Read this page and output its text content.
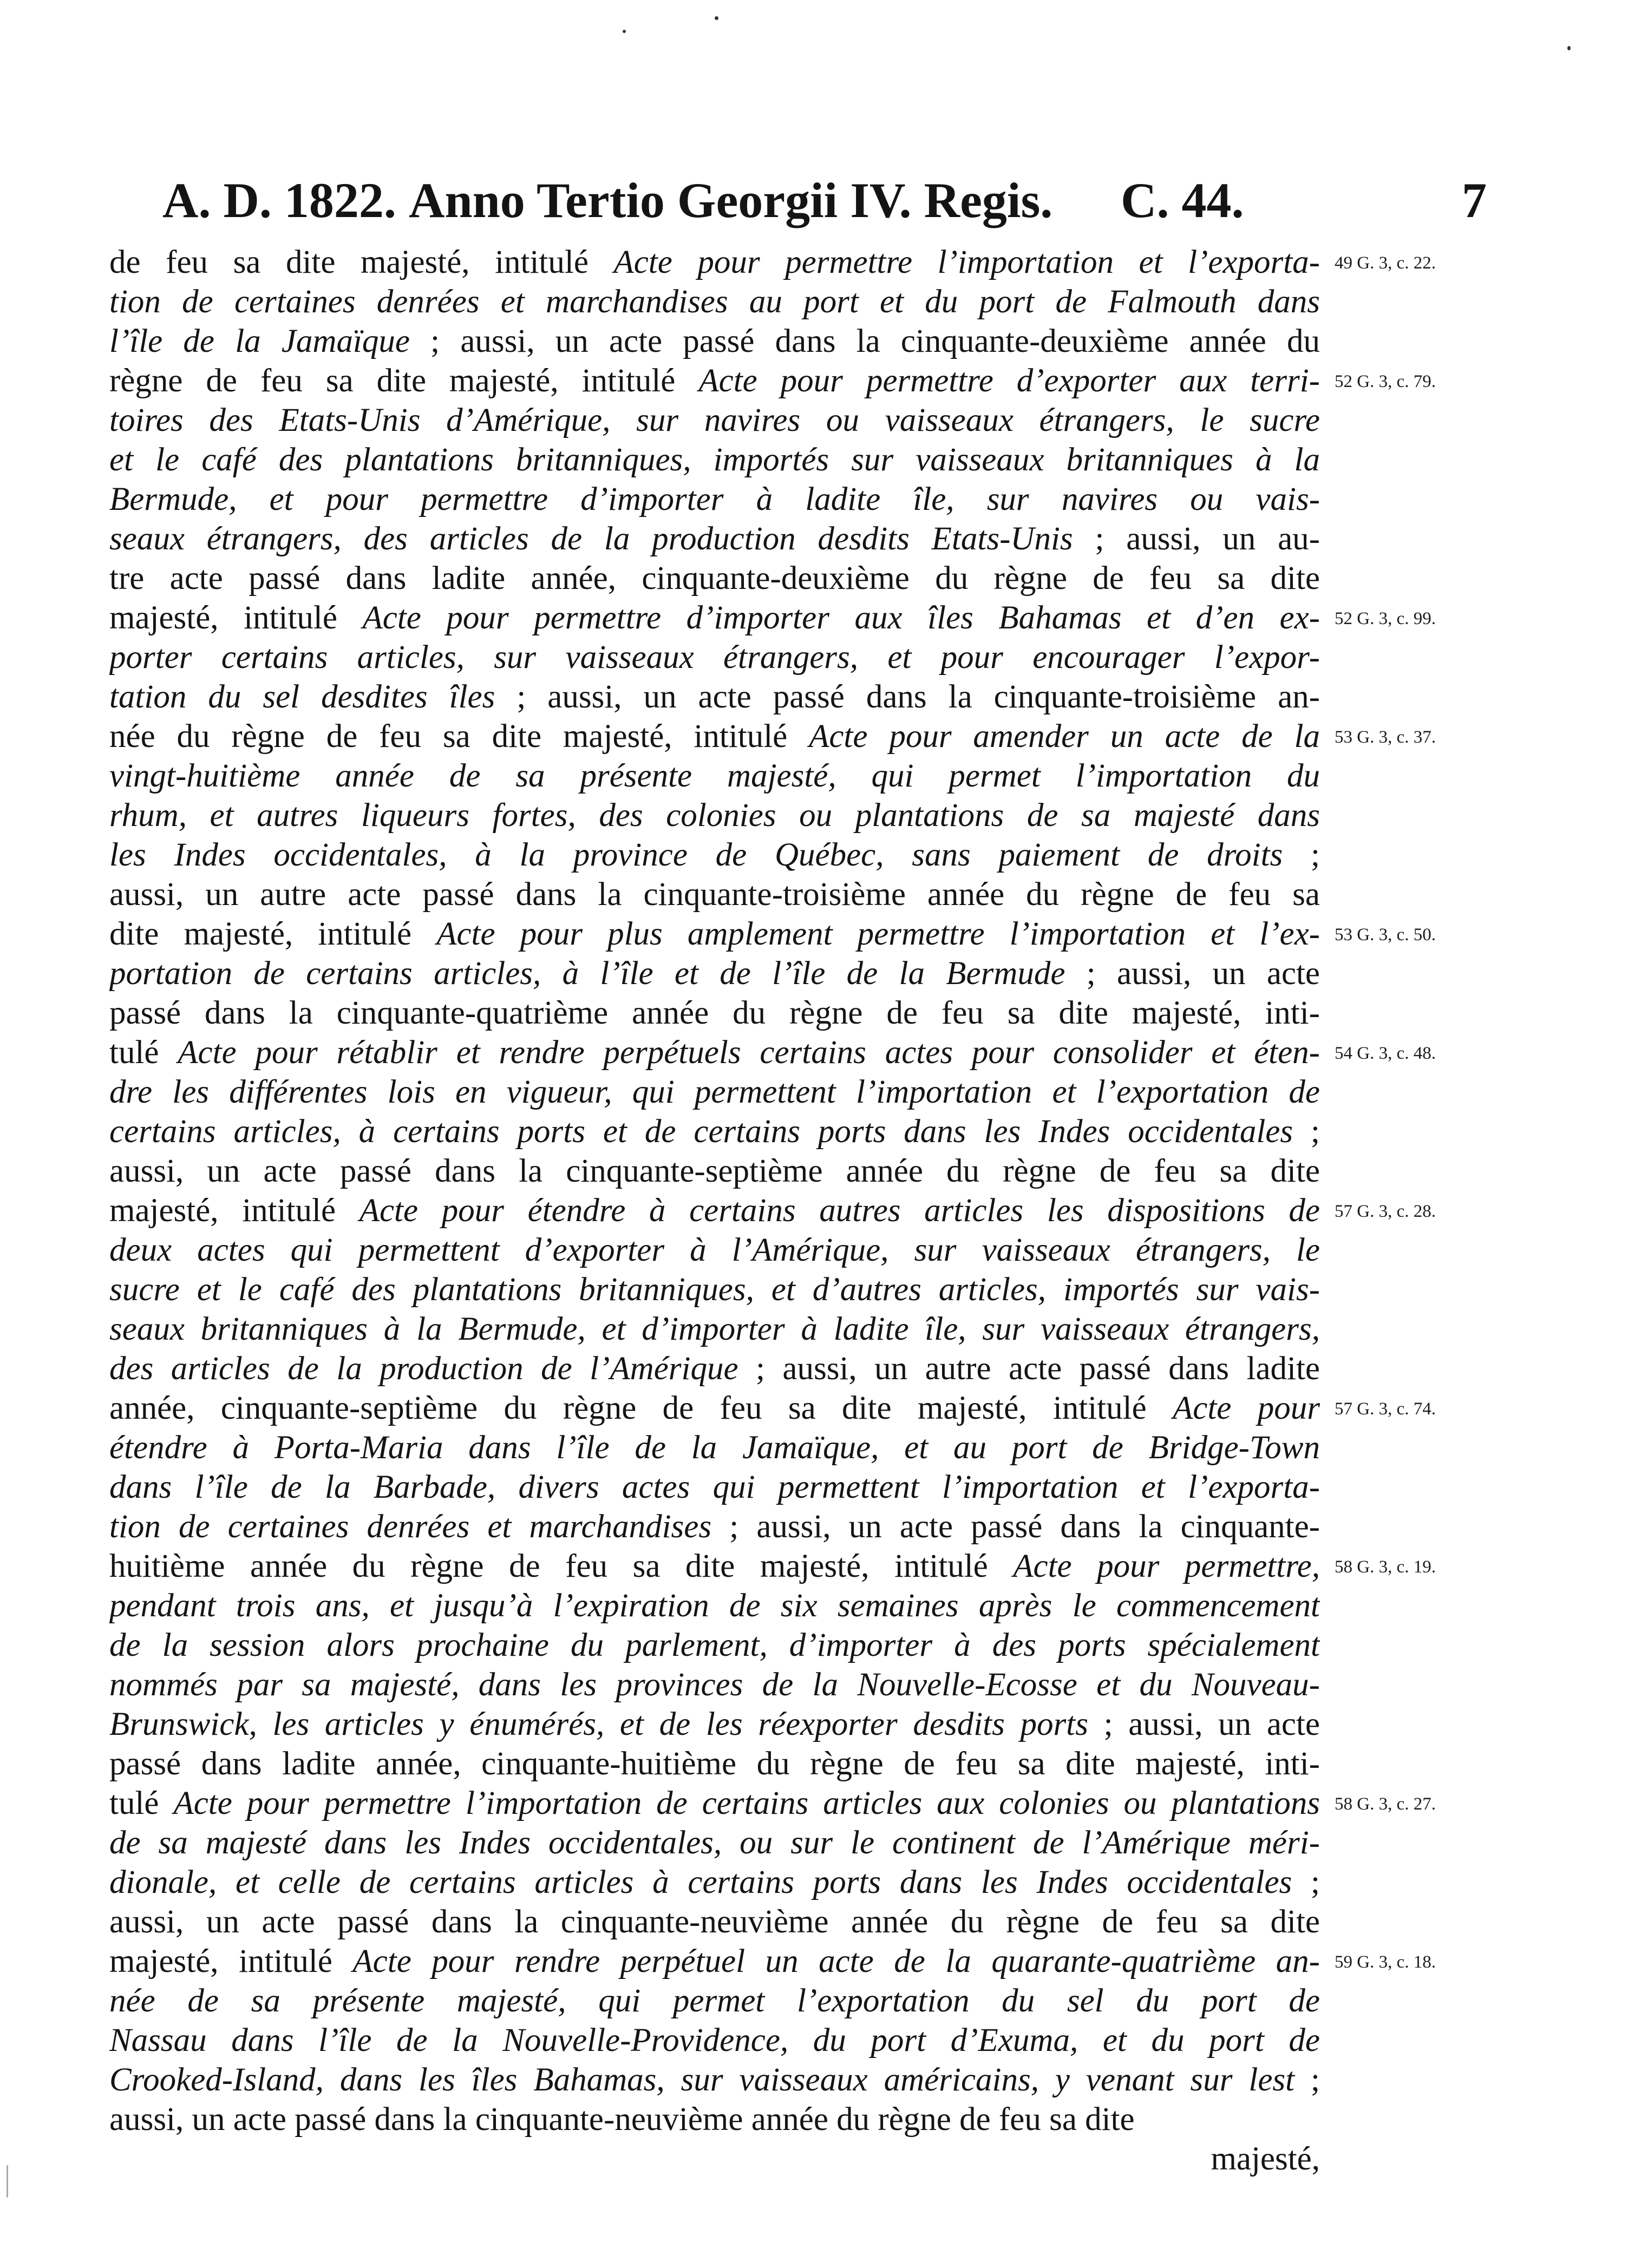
A. D. 1822. Anno Tertio Georgii IV. Regis. C. 44.	7
de feu sa dite majesté, intitulé Acte pour permettre l’importation et l’exporta-
tion de certaines denrées et marchandises au port et du port de Falmouth dans
l’île de la Jamaïque ; aussi, un acte passé dans la cinquante-deuxième année du
règne de feu sa dite majesté, intitulé Acte pour permettre d’exporter aux terri-
toires des Etats-Unis d’Amérique, sur navires ou vaisseaux étrangers, le sucre
et le café des plantations britanniques, importés sur vaisseaux britanniques à la
Bermude, et pour permettre d’importer à ladite île, sur navires ou vais-
seaux étrangers, des articles de la production desdits Etats-Unis ; aussi, un au-
tre acte passé dans ladite année, cinquante-deuxième du règne de feu sa dite
majesté, intitulé Acte pour permettre d’importer aux îles Bahamas et d’en ex-
porter certains articles, sur vaisseaux étrangers, et pour encourager l’expor-
tation du sel desdites îles ; aussi, un acte passé dans la cinquante-troisième an-
née du règne de feu sa dite majesté, intitulé Acte pour amender un acte de la
vingt-huitième année de sa présente majesté, qui permet l’importation du
rhum, et autres liqueurs fortes, des colonies ou plantations de sa majesté dans
les Indes occidentales, à la province de Québec, sans paiement de droits ;
aussi, un autre acte passé dans la cinquante-troisième année du règne de feu sa
dite majesté, intitulé Acte pour plus amplement permettre l’importation et l’ex-
portation de certains articles, à l’île et de l’île de la Bermude ; aussi, un acte
passé dans la cinquante-quatrième année du règne de feu sa dite majesté, inti-
tulé Acte pour rétablir et rendre perpétuels certains actes pour consolider et éten-
dre les différentes lois en vigueur, qui permettent l’importation et l’exportation de
certains articles, à certains ports et de certains ports dans les Indes occidentales ;
aussi, un acte passé dans la cinquante-septième année du règne de feu sa dite
majesté, intitulé Acte pour étendre à certains autres articles les dispositions de
deux actes qui permettent d’exporter à l’Amérique, sur vaisseaux étrangers, le
sucre et le café des plantations britanniques, et d’autres articles, importés sur vais-
seaux britanniques à la Bermude, et d’importer à ladite île, sur vaisseaux étrangers,
des articles de la production de l’Amérique ; aussi, un autre acte passé dans ladite
année, cinquante-septième du règne de feu sa dite majesté, intitulé Acte pour
étendre à Porta-Maria dans l’île de la Jamaïque, et au port de Bridge-Town
dans l’île de la Barbade, divers actes qui permettent l’importation et l’exporta-
tion de certaines denrées et marchandises ; aussi, un acte passé dans la cinquante-
huitième année du règne de feu sa dite majesté, intitulé Acte pour permettre,
pendant trois ans, et jusqu’à l’expiration de six semaines après le commencement
de la session alors prochaine du parlement, d’importer à des ports spécialement
nommés par sa majesté, dans les provinces de la Nouvelle-Ecosse et du Nouveau-
Brunswick, les articles y énumérés, et de les réexporter desdits ports ; aussi, un acte
passé dans ladite année, cinquante-huitième du règne de feu sa dite majesté, inti-
tulé Acte pour permettre l’importation de certains articles aux colonies ou plantations
de sa majesté dans les Indes occidentales, ou sur le continent de l’Amérique méri-
dionale, et celle de certains articles à certains ports dans les Indes occidentales ;
aussi, un acte passé dans la cinquante-neuvième année du règne de feu sa dite
majesté, intitulé Acte pour rendre perpétuel un acte de la quarante-quatrième an-
née de sa présente majesté, qui permet l’exportation du sel du port de
Nassau dans l’île de la Nouvelle-Providence, du port d’Exuma, et du port de
Crooked-Island, dans les îles Bahamas, sur vaisseaux américains, y venant sur lest ;
aussi, un acte passé dans la cinquante-neuvième année du règne de feu sa dite
majesté,
49 G. 3, c. 22.
52 G. 3, c. 79.
52 G. 3, c. 99.
53 G. 3, c. 37.
53 G. 3, c. 50.
54 G. 3, c. 48.
57 G. 3, c. 28.
57 G. 3, c. 74.
58 G. 3, c. 19.
58 G. 3, c. 27.
59 G. 3, c. 18.
